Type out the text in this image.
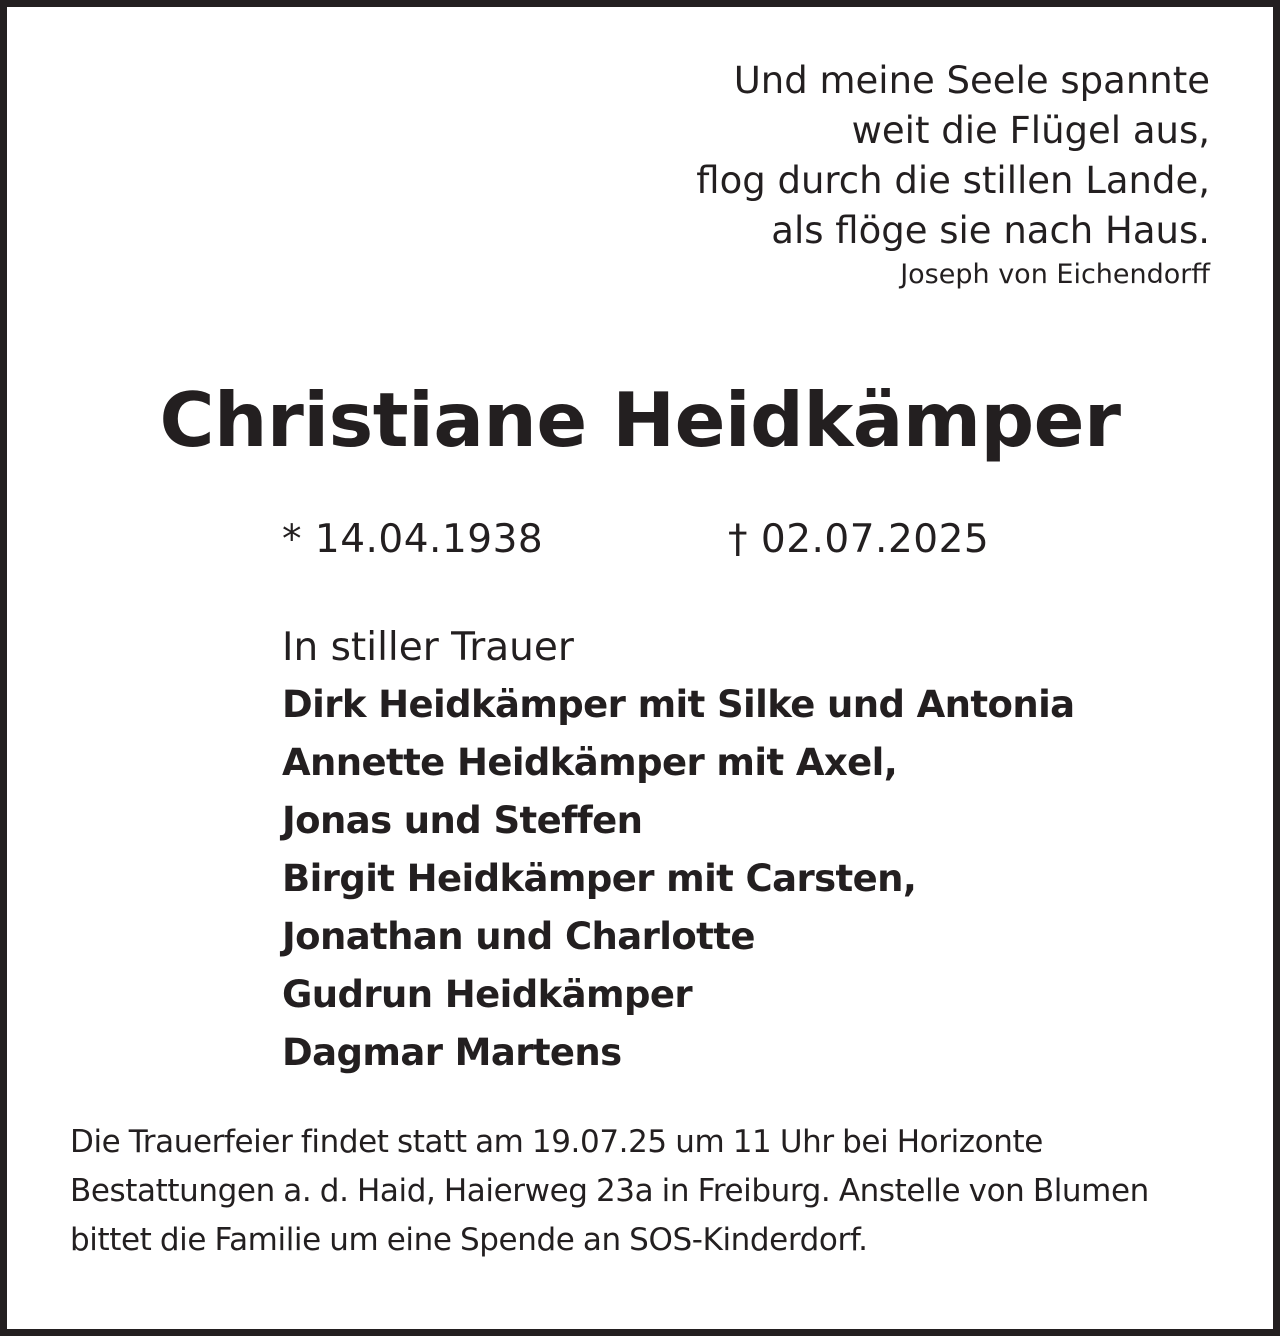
Und meine Seele spannte
weit die Flügel aus,
flog durch die stillen Lande,
als flöge sie nach Haus.
Joseph von Eichendorff
Christiane Heidkämper
* 14.04.1938	† 02.07.2025
In stiller Trauer
Dirk Heidkämper mit Silke und Antonia
Annette Heidkämper mit Axel,
Jonas und Steffen
Birgit Heidkämper mit Carsten,
Jonathan und Charlotte
Gudrun Heidkämper
Dagmar Martens
Die Trauerfeier findet statt am 19.07.25 um 11 Uhr bei Horizonte Bestattungen a. d. Haid, Haierweg 23a in Freiburg. Anstelle von Blumen bittet die Familie um eine Spende an SOS-Kinderdorf.
